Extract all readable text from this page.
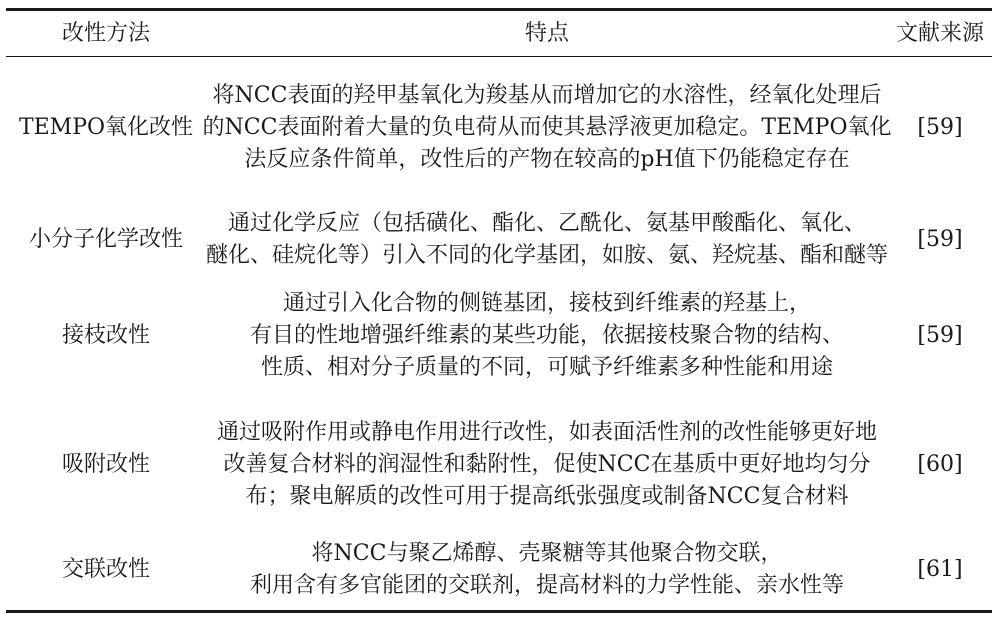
改性方法	特点	文献来源
TEMPO氧化改性
将NCC表面的羟甲基氧化为羧基从而增加它的水溶性，经氧化处理后
的NCC表面附着大量的负电荷从而使其悬浮液更加稳定。TEMPO氧化
法反应条件简单，改性后的产物在较高的pH值下仍能稳定存在
[59]
小分子化学改性
通过化学反应（包括磺化、酯化、乙酰化、氨基甲酸酯化、氧化、
醚化、硅烷化等）引入不同的化学基团，如胺、氨、羟烷基、酯和醚等
[59]
接枝改性
通过引入化合物的侧链基团，接枝到纤维素的羟基上，
有目的性地增强纤维素的某些功能，依据接枝聚合物的结构、
性质、相对分子质量的不同，可赋予纤维素多种性能和用途
[59]
吸附改性
通过吸附作用或静电作用进行改性，如表面活性剂的改性能够更好地
改善复合材料的润湿性和黏附性，促使NCC在基质中更好地均匀分
布；聚电解质的改性可用于提高纸张强度或制备NCC复合材料
[60]
交联改性
将NCC与聚乙烯醇、壳聚糖等其他聚合物交联，
利用含有多官能团的交联剂，提高材料的力学性能、亲水性等
[61]
